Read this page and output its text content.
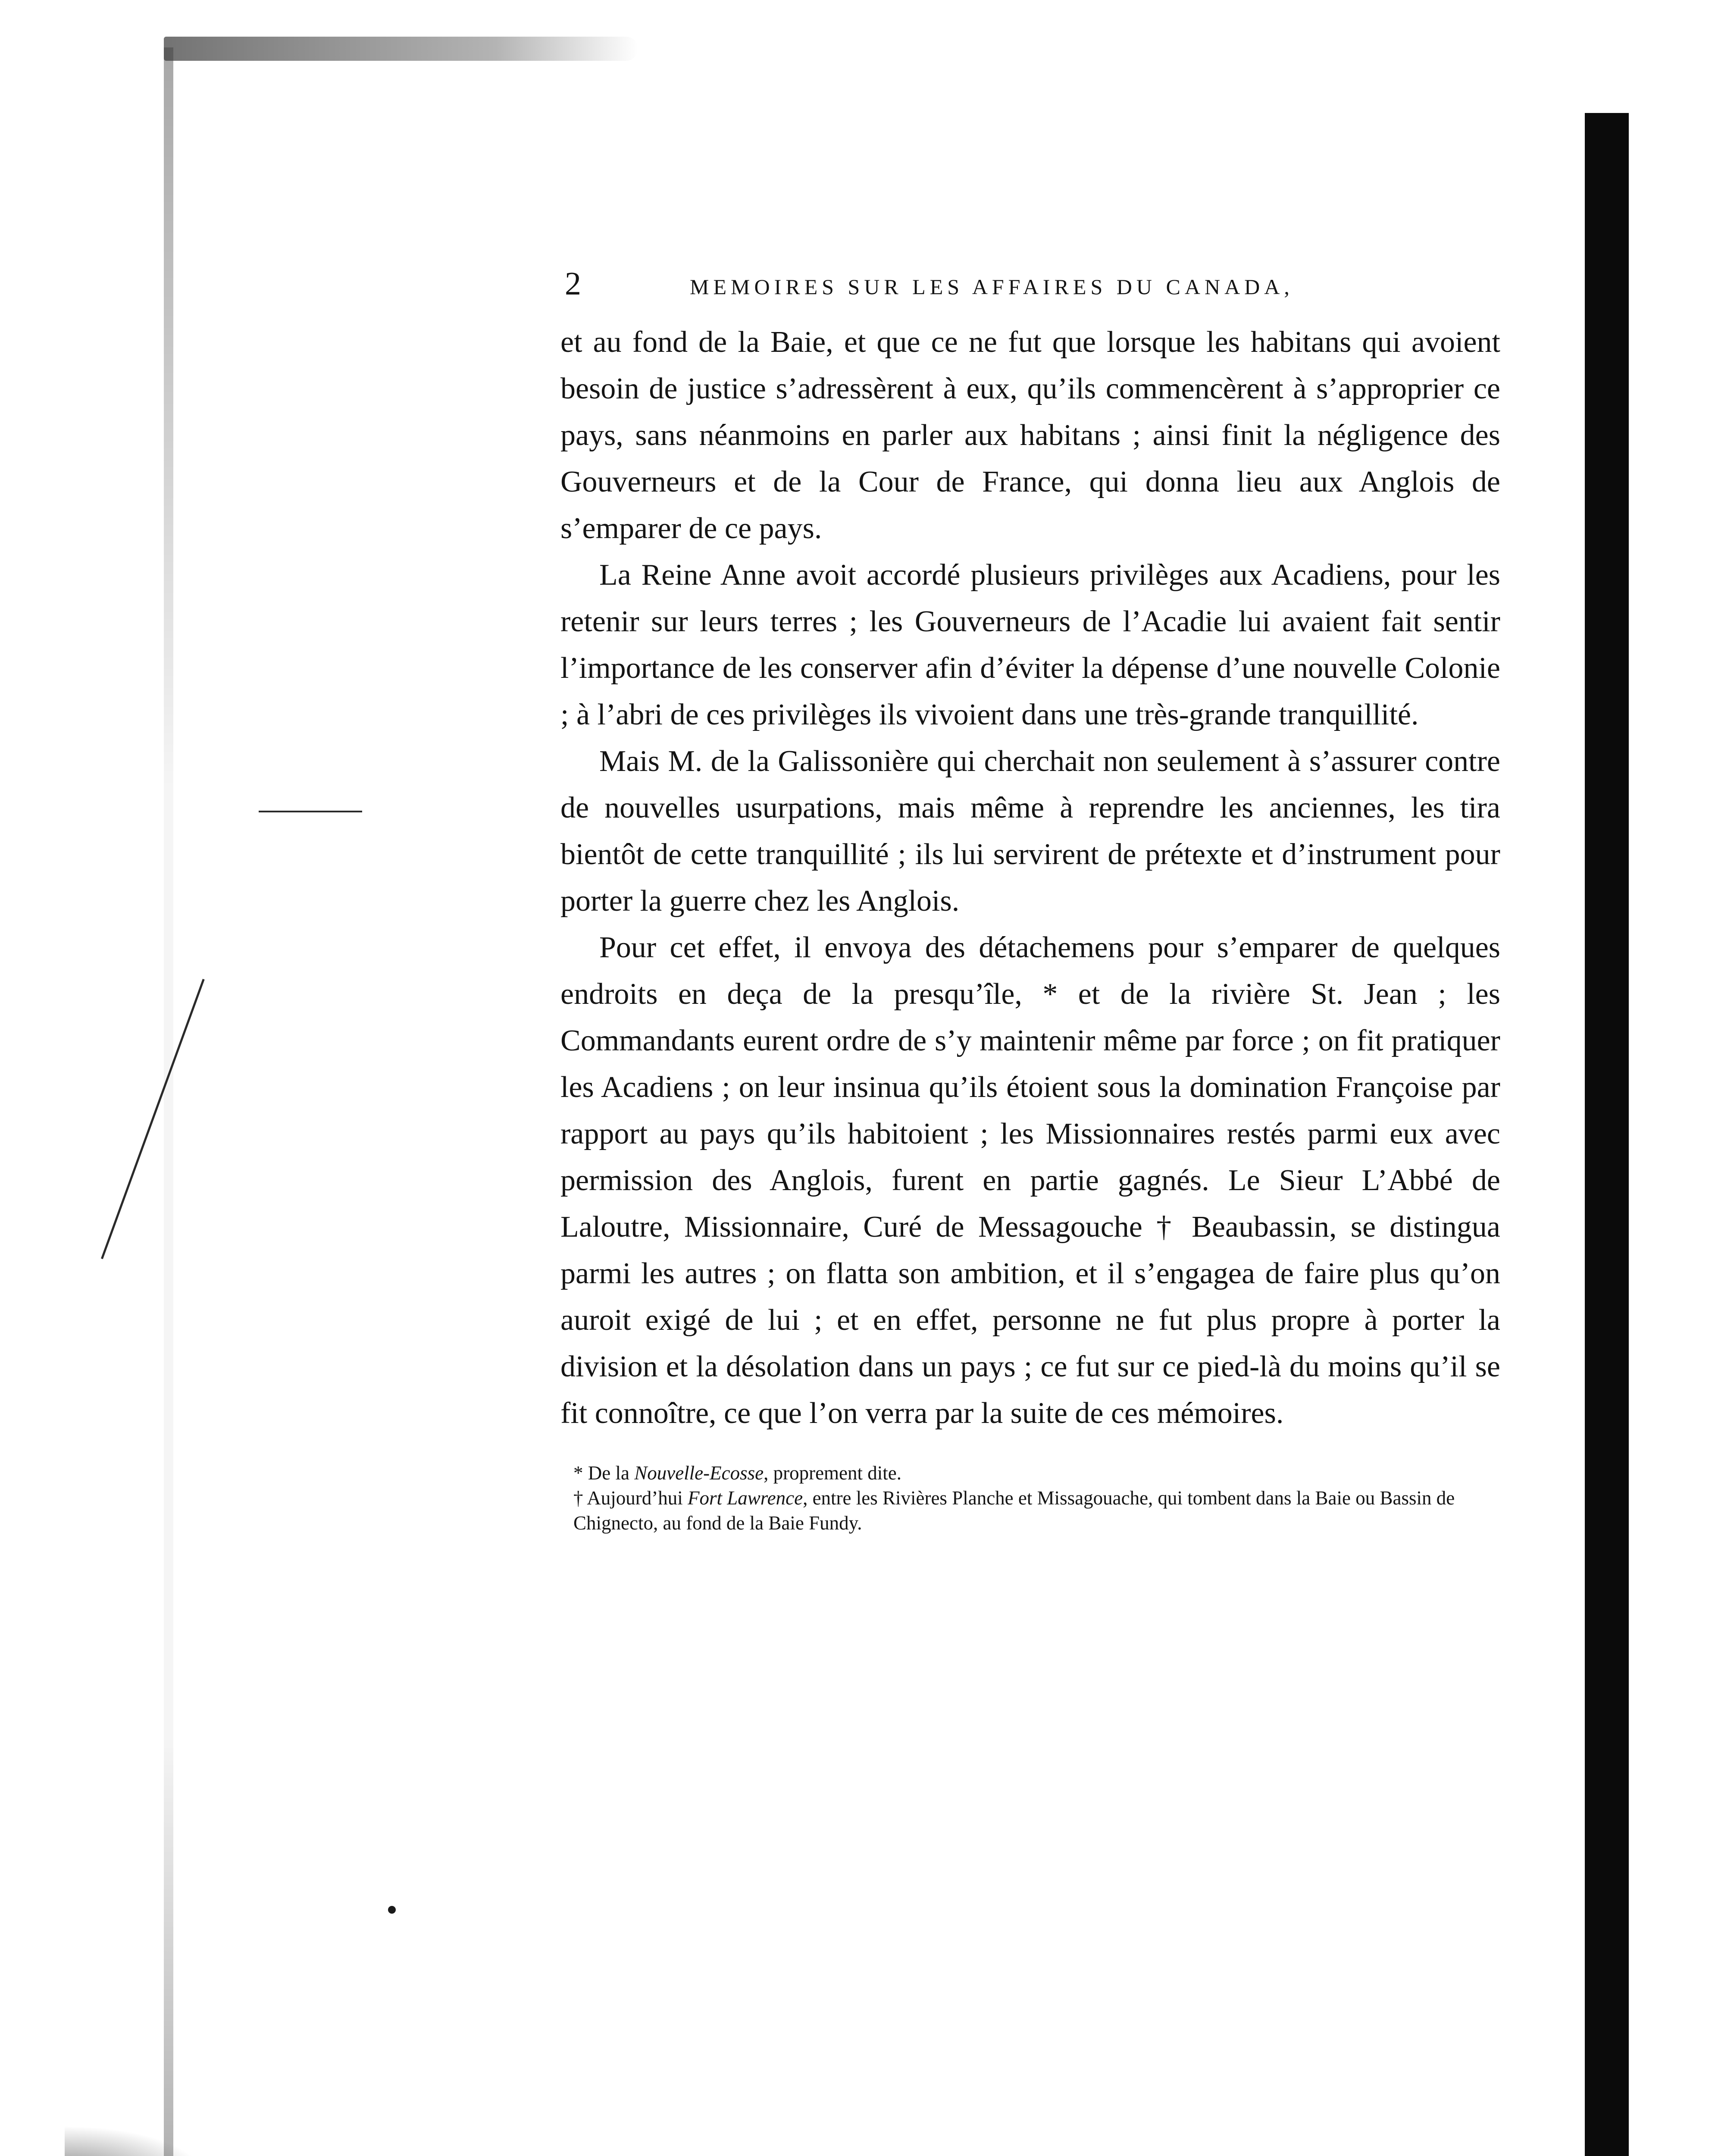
2	MEMOIRES SUR LES AFFAIRES DU CANADA,

et au fond de la Baie, et que ce ne fut que lorsque les habitans qui avoient besoin de justice s’adressèrent à eux, qu’ils commencèrent à s’approprier ce pays, sans néanmoins en parler aux habitans ; ainsi finit la négligence des Gouverneurs et de la Cour de France, qui donna lieu aux Anglois de s’emparer de ce pays.

La Reine Anne avoit accordé plusieurs privilèges aux Acadiens, pour les retenir sur leurs terres ; les Gouverneurs de l’Acadie lui avaient fait sentir l’importance de les conserver afin d’éviter la dépense d’une nouvelle Colonie ; à l’abri de ces privilèges ils vivoient dans une très-grande tranquillité.

Mais M. de la Galissonière qui cherchait non seulement à s’assurer contre de nouvelles usurpations, mais même à reprendre les anciennes, les tira bientôt de cette tranquillité ; ils lui servirent de prétexte et d’instrument pour porter la guerre chez les Anglois.

Pour cet effet, il envoya des détachemens pour s’emparer de quelques endroits en deça de la presqu’île, * et de la rivière St. Jean ; les Commandants eurent ordre de s’y maintenir même par force ; on fit pratiquer les Acadiens ; on leur insinua qu’ils étoient sous la domination Françoise par rapport au pays qu’ils habitoient ; les Missionnaires restés parmi eux avec permission des Anglois, furent en partie gagnés. Le Sieur L’Abbé de Laloutre, Missionnaire, Curé de Messagouche † Beaubassin, se distingua parmi les autres ; on flatta son ambition, et il s’engagea de faire plus qu’on auroit exigé de lui ; et en effet, personne ne fut plus propre à porter la division et la désolation dans un pays ; ce fut sur ce pied-là du moins qu’il se fit connoître, ce que l’on verra par la suite de ces mémoires.

* De la Nouvelle-Ecosse, proprement dite.

† Aujourd’hui Fort Lawrence, entre les Rivières Planche et Missagouache, qui tombent dans la Baie ou Bassin de Chignecto, au fond de la Baie Fundy.
